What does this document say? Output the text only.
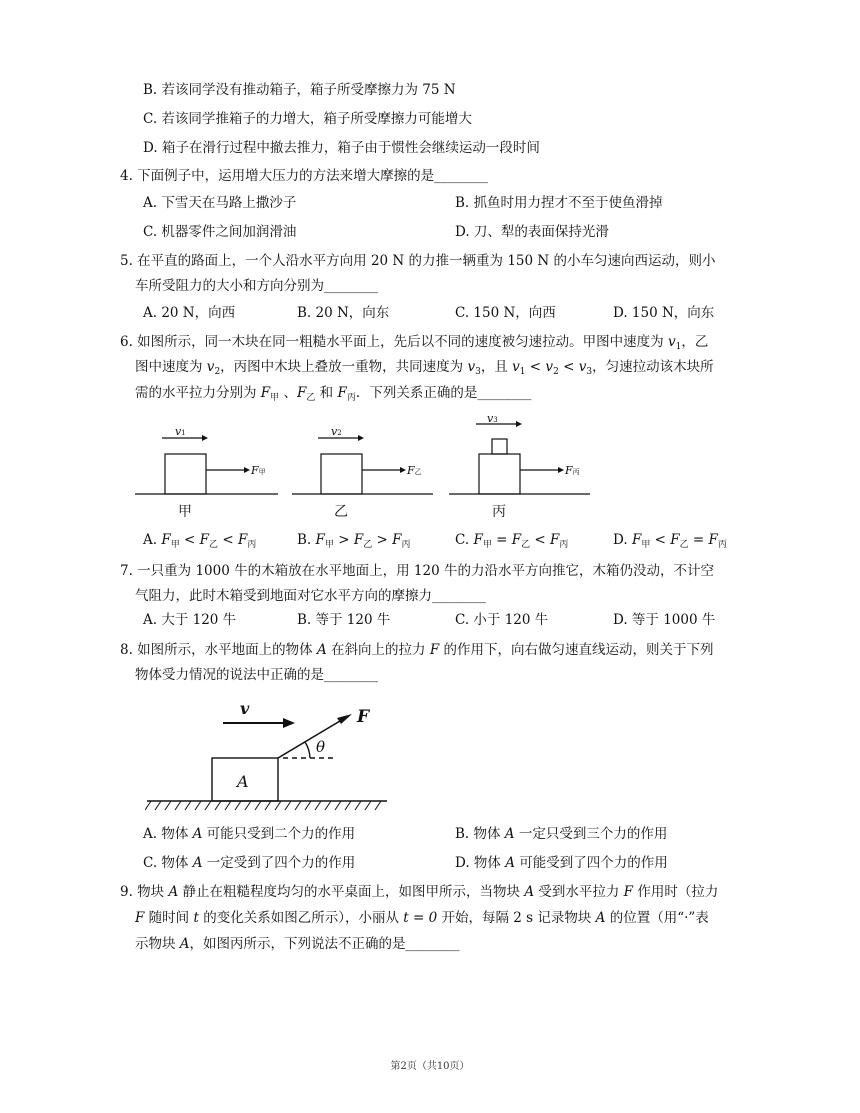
B. 若该同学没有推动箱子，箱子所受摩擦力为 75 N
C. 若该同学推箱子的力增大，箱子所受摩擦力可能增大
D. 箱子在滑行过程中撤去推力，箱子由于惯性会继续运动一段时间
4. 下面例子中，运用增大压力的方法来增大摩擦的是________
A. 下雪天在马路上撒沙子	B. 抓鱼时用力捏才不至于使鱼滑掉
C. 机器零件之间加润滑油	D. 刀、犁的表面保持光滑
5. 在平直的路面上，一个人沿水平方向用 20 N 的力推一辆重为 150 N 的小车匀速向西运动，则小
车所受阻力的大小和方向分别为________
A. 20 N，向西	B. 20 N，向东	C. 150 N，向西	D. 150 N，向东
6. 如图所示，同一木块在同一粗糙水平面上，先后以不同的速度被匀速拉动。甲图中速度为 $v_1$，乙
图中速度为 $v_2$，丙图中木块上叠放一重物，共同速度为 $v_3$，且 $v_1 < v_2 < v_3$，匀速拉动该木块所
需的水平拉力分别为 $F_甲$ 、$F_乙$ 和 $F_丙$．下列关系正确的是________
v1	v2
v3
F甲	F乙	F丙
甲	乙	丙
A. $F_甲 < F_乙 < F_丙$	B. $F_甲 > F_乙 > F_丙$	C. $F_甲 = F_乙 < F_丙$	D. $F_甲 < F_乙 = F_丙$
7. 一只重为 1000 牛的木箱放在水平地面上，用 120 牛的力沿水平方向推它，木箱仍没动，不计空
气阻力，此时木箱受到地面对它水平方向的摩擦力________
A. 大于 120 牛	B. 等于 120 牛	C. 小于 120 牛	D. 等于 1000 牛
8. 如图所示，水平地面上的物体 A 在斜向上的拉力 F 的作用下，向右做匀速直线运动，则关于下列
物体受力情况的说法中正确的是________
v	F
θ
A
A. 物体 A 可能只受到二个力的作用	B. 物体 A 一定只受到三个力的作用
C. 物体 A 一定受到了四个力的作用	D. 物体 A 可能受到了四个力的作用
9. 物块 A 静止在粗糙程度均匀的水平桌面上，如图甲所示，当物块 A 受到水平拉力 F 作用时（拉力
F 随时间 t 的变化关系如图乙所示），小丽从 t = 0 开始，每隔 2 s 记录物块 A 的位置（用“·”表
示物块 A，如图丙所示，下列说法不正确的是________
第2页（共10页）
